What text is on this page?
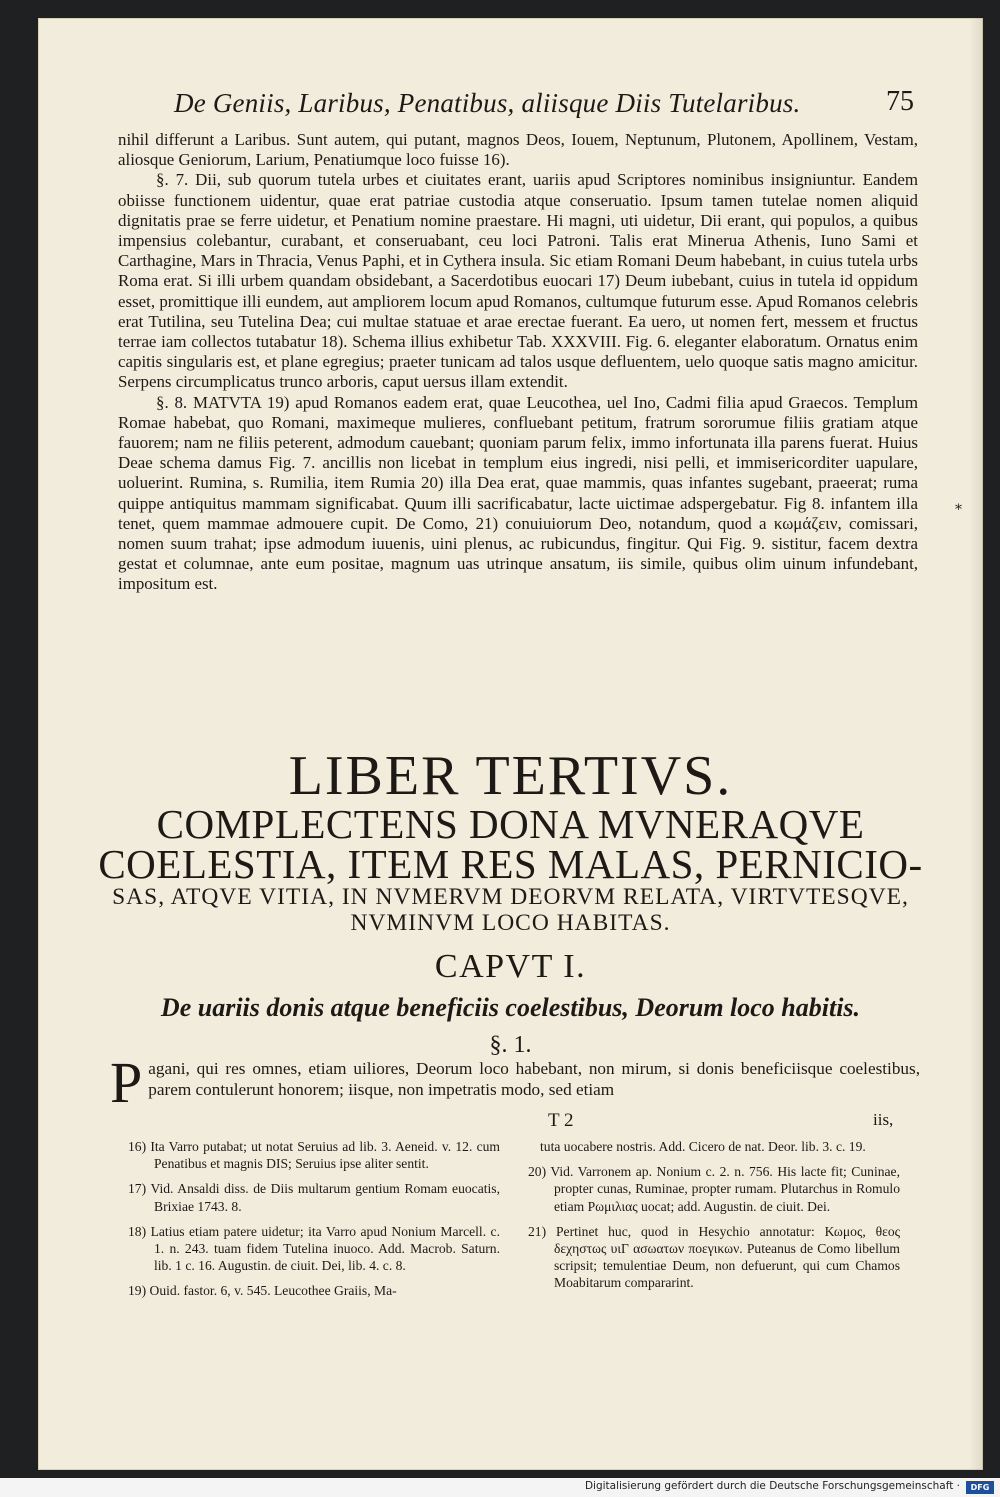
De Geniis, Laribus, Penatibus, aliisque Diis Tutelaribus.	75

nihil differunt a Laribus. Sunt autem, qui putant, magnos Deos, Iouem, Neptunum, Plutonem, Apollinem, Vestam, aliosque Geniorum, Larium, Penatiumque loco fuisse 16).

§. 7. Dii, sub quorum tutela urbes et ciuitates erant, uariis apud Scriptores nominibus insigniuntur. Eandem obiisse functionem uidentur, quae erat patriae custodia atque conseruatio. Ipsum tamen tutelae nomen aliquid dignitatis prae se ferre uidetur, et Penatium nomine praestare. Hi magni, uti uidetur, Dii erant, qui populos, a quibus impensius colebantur, curabant, et conseruabant, ceu loci Patroni. Talis erat Minerua Athenis, Iuno Sami et Carthagine, Mars in Thracia, Venus Paphi, et in Cythera insula. Sic etiam Romani Deum habebant, in cuius tutela urbs Roma erat. Si illi urbem quandam obsidebant, a Sacerdotibus euocari 17) Deum iubebant, cuius in tutela id oppidum esset, promittique illi eundem, aut ampliorem locum apud Romanos, cultumque futurum esse. Apud Romanos celebris erat Tutilina, seu Tutelina Dea; cui multae statuae et arae erectae fuerant. Ea uero, ut nomen fert, messem et fructus terrae iam collectos tutabatur 18). Schema illius exhibetur Tab. XXXVIII. Fig. 6. eleganter elaboratum. Ornatus enim capitis singularis est, et plane egregius; praeter tunicam ad talos usque defluentem, uelo quoque satis magno amicitur. Serpens circumplicatus trunco arboris, caput uersus illam extendit.

§. 8. MATVTA 19) apud Romanos eadem erat, quae Leucothea, uel Ino, Cadmi filia apud Graecos. Templum Romae habebat, quo Romani, maximeque mulieres, confluebant petitum, fratrum sororumue filiis gratiam atque fauorem; nam ne filiis peterent, admodum cauebant; quoniam parum felix, immo infortunata illa parens fuerat. Huius Deae schema damus Fig. 7. ancillis non licebat in templum eius ingredi, nisi pelli, et immisericorditer uapulare, uoluerint. Rumina, s. Rumilia, item Rumia 20) illa Dea erat, quae mammis, quas infantes sugebant, praeerat; ruma quippe antiquitus mammam significabat. Quum illi sacrificabatur, lacte uictimae adspergebatur. Fig 8. infantem illa tenet, quem mammae admouere cupit. De Como, 21) conuiuiorum Deo, notandum, quod a κωμάζειν, comissari, nomen suum trahat; ipse admodum iuuenis, uini plenus, ac rubicundus, fingitur. Qui Fig. 9. sistitur, facem dextra gestat et columnae, ante eum positae, magnum uas utrinque ansatum, iis simile, quibus olim uinum infundebant, impositum est.

*
LIBER TERTIVS.
COMPLECTENS DONA MVNERAQVE COELESTIA, ITEM RES MALAS, PERNICIO-
SAS, ATQVE VITIA, IN NVMERVM DEORVM RELATA, VIRTVTESQVE, NVMINVM LOCO HABITAS.
CAPVT I.
De uariis donis atque beneficiis coelestibus, Deorum loco habitis.
§. 1.
P agani, qui res omnes, etiam uiliores, Deorum loco habebant, non mirum, si donis beneficiisque coelestibus, parem contulerunt honorem; iisque, non impetratis modo, sed etiam
T 2	iis,

16) Ita Varro putabat; ut notat Seruius ad lib. 3. Aeneid. v. 12. cum Penatibus et magnis DIS; Seruius ipse aliter sentit.

17) Vid. Ansaldi diss. de Diis multarum gentium Romam euocatis, Brixiae 1743. 8.

18) Latius etiam patere uidetur; ita Varro apud Nonium Marcell. c. 1. n. 243. tuam fidem Tutelina inuoco. Add. Macrob. Saturn. lib. 1 c. 16. Augustin. de ciuit. Dei, lib. 4. c. 8.

19) Ouid. fastor. 6, v. 545. Leucothee Graiis, Ma-

tuta uocabere nostris. Add. Cicero de nat. Deor. lib. 3. c. 19.

20) Vid. Varronem ap. Nonium c. 2. n. 756. His lacte fit; Cuninae, propter cunas, Ruminae, propter rumam. Plutarchus in Romulo etiam Ρωμιλιας uocat; add. Augustin. de ciuit. Dei.

21) Pertinet huc, quod in Hesychio annotatur: Κωμος, θεος δεχηστως υιΓ ασωατων ποεγικων. Puteanus de Como libellum scripsit; temulentiae Deum, non defuerunt, qui cum Chamos Moabitarum compararint.

Digitalisierung gefördert durch die Deutsche Forschungsgemeinschaft ·	DFG
